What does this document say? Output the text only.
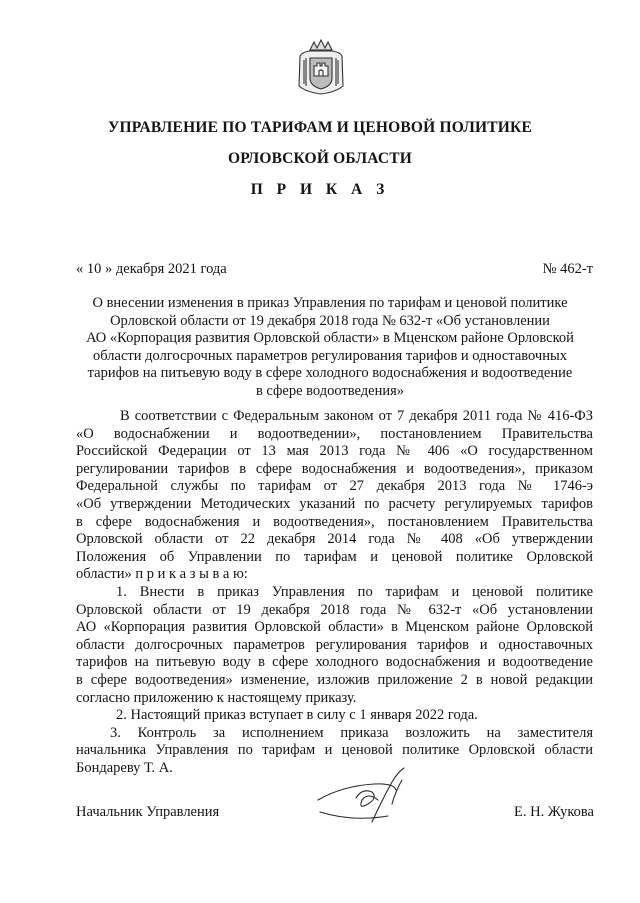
УПРАВЛЕНИЕ ПО ТАРИФАМ И ЦЕНОВОЙ ПОЛИТИКЕ
ОРЛОВСКОЙ ОБЛАСТИ
П Р И К А З
« 10 » декабря 2021 года	№ 462-т
О внесении изменения в приказ Управления по тарифам и ценовой политике
Орловской области от 19 декабря 2018 года № 632-т «Об установлении
АО «Корпорация развития Орловской области» в Мценском районе Орловской
области долгосрочных параметров регулирования тарифов и одноставочных
тарифов на питьевую воду в сфере холодного водоснабжения и водоотведение
в сфере водоотведения»
В соответствии с Федеральным законом от 7 декабря 2011 года № 416-ФЗ
«О водоснабжении и водоотведении», постановлением Правительства
Российской Федерации от 13 мая 2013 года № 406 «О государственном
регулировании тарифов в сфере водоснабжения и водоотведения», приказом
Федеральной службы по тарифам от 27 декабря 2013 года № 1746-э
«Об утверждении Методических указаний по расчету регулируемых тарифов
в сфере водоснабжения и водоотведения», постановлением Правительства
Орловской области от 22 декабря 2014 года № 408 «Об утверждении
Положения об Управлении по тарифам и ценовой политике Орловской
области» п р и к а з ы в а ю:
1. Внести в приказ Управления по тарифам и ценовой политике
Орловской области от 19 декабря 2018 года № 632-т «Об установлении
АО «Корпорация развития Орловской области» в Мценском районе Орловской
области долгосрочных параметров регулирования тарифов и одноставочных
тарифов на питьевую воду в сфере холодного водоснабжения и водоотведение
в сфере водоотведения» изменение, изложив приложение 2 в новой редакции
согласно приложению к настоящему приказу.
2. Настоящий приказ вступает в силу с 1 января 2022 года.
3. Контроль за исполнением приказа возложить на заместителя
начальника Управления по тарифам и ценовой политике Орловской области
Бондареву Т. А.
Начальник Управления	Е. Н. Жукова
